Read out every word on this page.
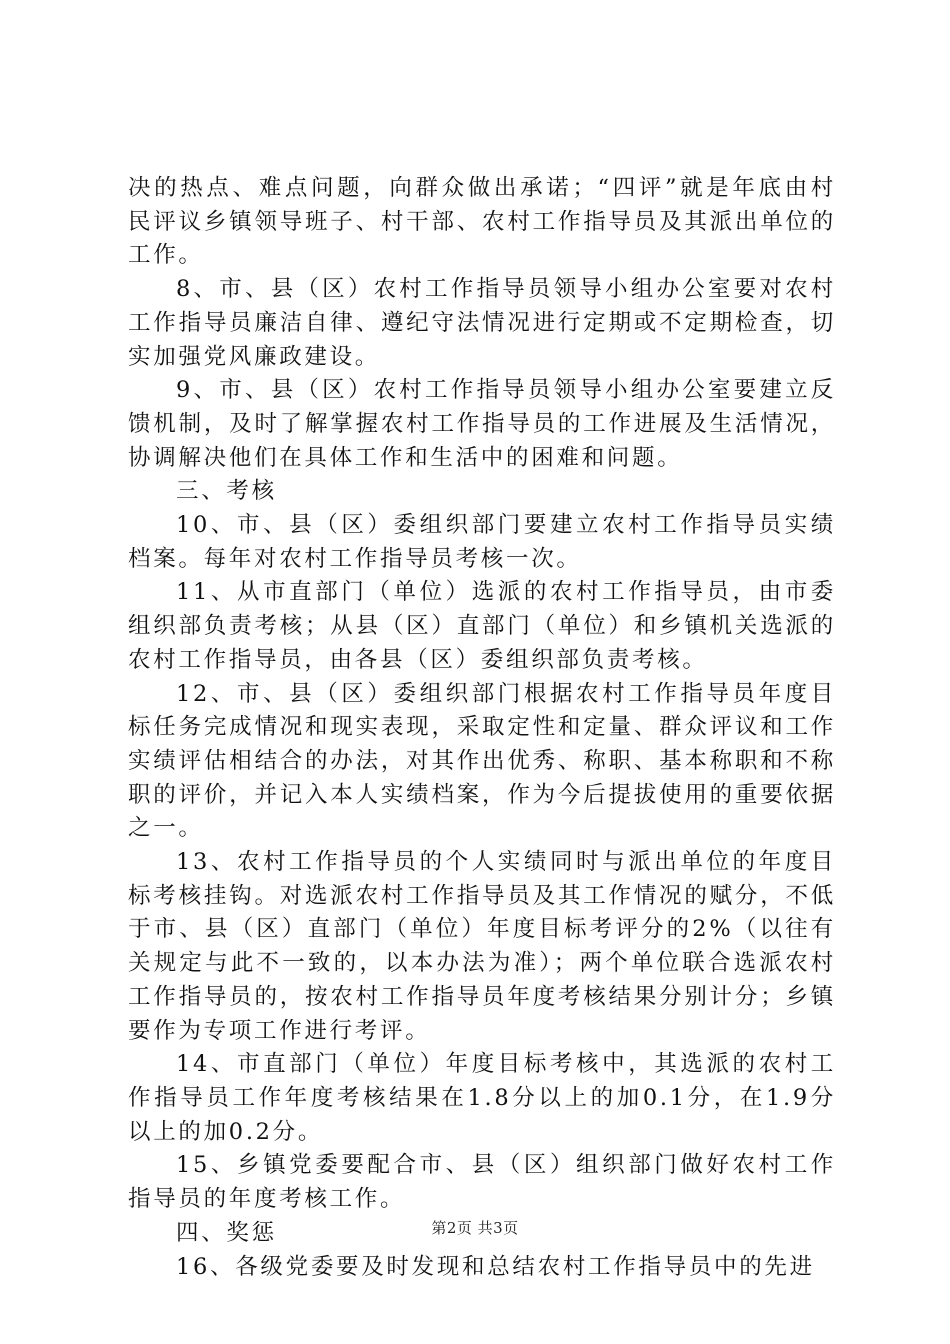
决的热点、难点问题，向群众做出承诺；“四评”就是年底由村民评议乡镇领导班子、村干部、农村工作指导员及其派出单位的工作。

8、市、县（区）农村工作指导员领导小组办公室要对农村工作指导员廉洁自律、遵纪守法情况进行定期或不定期检查，切实加强党风廉政建设。

9、市、县（区）农村工作指导员领导小组办公室要建立反馈机制，及时了解掌握农村工作指导员的工作进展及生活情况，协调解决他们在具体工作和生活中的困难和问题。

三、考核

10、市、县（区）委组织部门要建立农村工作指导员实绩档案。每年对农村工作指导员考核一次。

11、从市直部门（单位）选派的农村工作指导员，由市委组织部负责考核；从县（区）直部门（单位）和乡镇机关选派的农村工作指导员，由各县（区）委组织部负责考核。

12、市、县（区）委组织部门根据农村工作指导员年度目标任务完成情况和现实表现，采取定性和定量、群众评议和工作实绩评估相结合的办法，对其作出优秀、称职、基本称职和不称职的评价，并记入本人实绩档案，作为今后提拔使用的重要依据之一。

13、农村工作指导员的个人实绩同时与派出单位的年度目标考核挂钩。对选派农村工作指导员及其工作情况的赋分，不低于市、县（区）直部门（单位）年度目标考评分的2%（以往有关规定与此不一致的，以本办法为准）；两个单位联合选派农村工作指导员的，按农村工作指导员年度考核结果分别计分；乡镇要作为专项工作进行考评。

14、市直部门（单位）年度目标考核中，其选派的农村工作指导员工作年度考核结果在1.8分以上的加0.1分，在1.9分以上的加0.2分。

15、乡镇党委要配合市、县（区）组织部门做好农村工作指导员的年度考核工作。

四、奖惩

16、各级党委要及时发现和总结农村工作指导员中的先进

第2页 共3页
